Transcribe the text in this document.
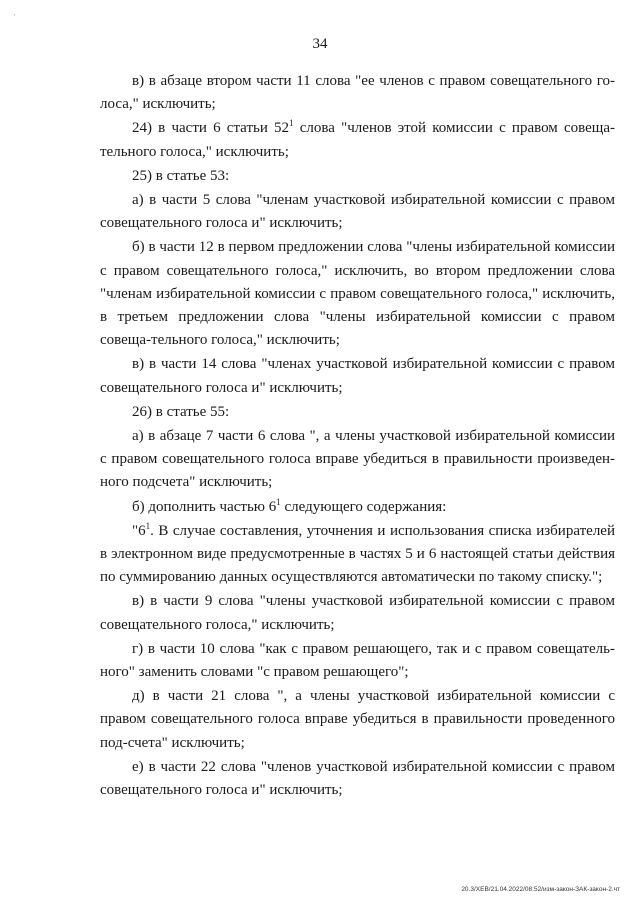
'
34

в) в абзаце втором части 11 слова "ее членов с правом совещательного го-лоса," исключить;

24) в части 6 статьи $52^1$ слова "членов этой комиссии с правом совеща-тельного голоса," исключить;

25) в статье 53:

а) в части 5 слова "членам участковой избирательной комиссии с правом совещательного голоса и" исключить;

б) в части 12 в первом предложении слова "члены избирательной комиссии с правом совещательного голоса," исключить, во втором предложении слова "членам избирательной комиссии с правом совещательного голоса," исключить, в третьем предложении слова "члены избирательной комиссии с правом совеща-тельного голоса," исключить;

в) в части 14 слова "членах участковой избирательной комиссии с правом совещательного голоса и" исключить;

26) в статье 55:

а) в абзаце 7 части 6 слова ", а члены участковой избирательной комиссии с правом совещательного голоса вправе убедиться в правильности произведен-ного подсчета" исключить;

б) дополнить частью $6^1$ следующего содержания:

"$6^1$. В случае составления, уточнения и использования списка избирателей в электронном виде предусмотренные в частях 5 и 6 настоящей статьи действия по суммированию данных осуществляются автоматически по такому списку.";

в) в части 9 слова "члены участковой избирательной комиссии с правом совещательного голоса," исключить;

г) в части 10 слова "как с правом решающего, так и с правом совещатель-ного" заменить словами "с правом решающего";

д) в части 21 слова ", а члены участковой избирательной комиссии с правом совещательного голоса вправе убедиться в правильности проведенного под-счета" исключить;

е) в части 22 слова "членов участковой избирательной комиссии с правом совещательного голоса и" исключить;

20.3/ХЕВ/21.04.2022/08:52/изм-закон-ЗАК-закон-2.чт
